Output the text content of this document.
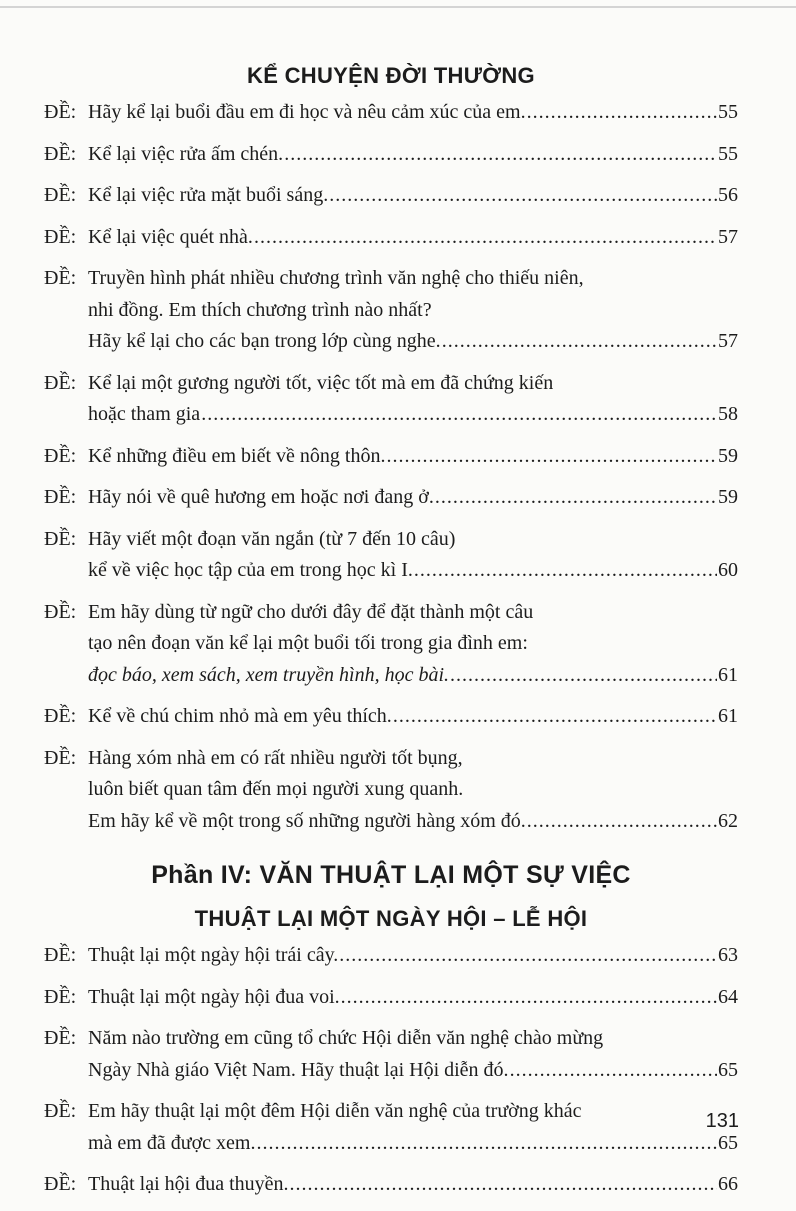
KỂ CHUYỆN ĐỜI THƯỜNG
ĐỀ: Hãy kể lại buổi đầu em đi học và nêu cảm xúc của em. .....	55
ĐỀ: Kể lại việc rửa ấm chén. .....	55
ĐỀ: Kể lại việc rửa mặt buổi sáng. .....	56
ĐỀ: Kể lại việc quét nhà. .....	57
ĐỀ: Truyền hình phát nhiều chương trình văn nghệ cho thiếu niên,
nhi đồng. Em thích chương trình nào nhất?
Hãy kể lại cho các bạn trong lớp cùng nghe. .....	57
ĐỀ: Kể lại một gương người tốt, việc tốt mà em đã chứng kiến
hoặc tham gia .....	58
ĐỀ: Kể những điều em biết về nông thôn. .....	59
ĐỀ: Hãy nói về quê hương em hoặc nơi đang ở. .....	59
ĐỀ: Hãy viết một đoạn văn ngắn (từ 7 đến 10 câu)
kể về việc học tập của em trong học kì I. .....	60
ĐỀ: Em hãy dùng từ ngữ cho dưới đây để đặt thành một câu
tạo nên đoạn văn kể lại một buổi tối trong gia đình em:
đọc báo, xem sách, xem truyền hình, học bài. .....	61
ĐỀ: Kể về chú chim nhỏ mà em yêu thích. .....	61
ĐỀ: Hàng xóm nhà em có rất nhiều người tốt bụng,
luôn biết quan tâm đến mọi người xung quanh.
Em hãy kể về một trong số những người hàng xóm đó. .....	62
Phần IV: VĂN THUẬT LẠI MỘT SỰ VIỆC
THUẬT LẠI MỘT NGÀY HỘI – LỄ HỘI
ĐỀ: Thuật lại một ngày hội trái cây. .....	63
ĐỀ: Thuật lại một ngày hội đua voi. .....	64
ĐỀ: Năm nào trường em cũng tổ chức Hội diễn văn nghệ chào mừng
Ngày Nhà giáo Việt Nam. Hãy thuật lại Hội diễn đó. .....	65
ĐỀ: Em hãy thuật lại một đêm Hội diễn văn nghệ của trường khác
mà em đã được xem. .....	65
ĐỀ: Thuật lại hội đua thuyền. .....	66
131
